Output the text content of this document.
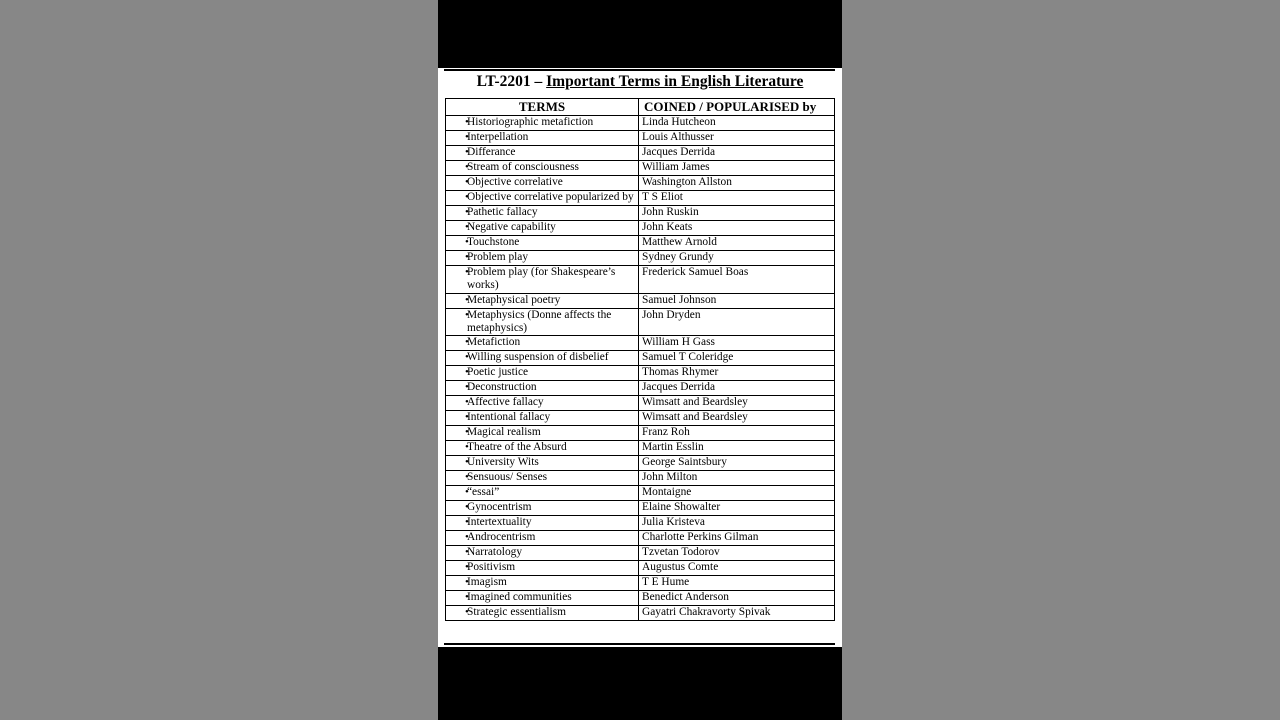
LT-2201 – Important Terms in English Literature
TERMS	COINED / POPULARISED by

• Historiographic metafiction	Linda Hutcheon

• Interpellation	Louis Althusser

• Differance	Jacques Derrida

• Stream of consciousness	William James

• Objective correlative	Washington Allston

• Objective correlative popularized by	T S Eliot

• Pathetic fallacy	John Ruskin

• Negative capability	John Keats

• Touchstone	Matthew Arnold

• Problem play	Sydney Grundy

• Problem play (for Shakespeare’s works)	Frederick Samuel Boas

• Metaphysical poetry	Samuel Johnson

• Metaphysics (Donne affects the metaphysics)	John Dryden

• Metafiction	William H Gass

• Willing suspension of disbelief	Samuel T Coleridge

• Poetic justice	Thomas Rhymer

• Deconstruction	Jacques Derrida

• Affective fallacy	Wimsatt and Beardsley

• Intentional fallacy	Wimsatt and Beardsley

• Magical realism	Franz Roh

• Theatre of the Absurd	Martin Esslin

• University Wits	George Saintsbury

• Sensuous/ Senses	John Milton

• “essai”	Montaigne

• Gynocentrism	Elaine Showalter

• Intertextuality	Julia Kristeva

• Androcentrism	Charlotte Perkins Gilman

• Narratology	Tzvetan Todorov

• Positivism	Augustus Comte

• Imagism	T E Hume

• Imagined communities	Benedict Anderson

• Strategic essentialism	Gayatri Chakravorty Spivak
